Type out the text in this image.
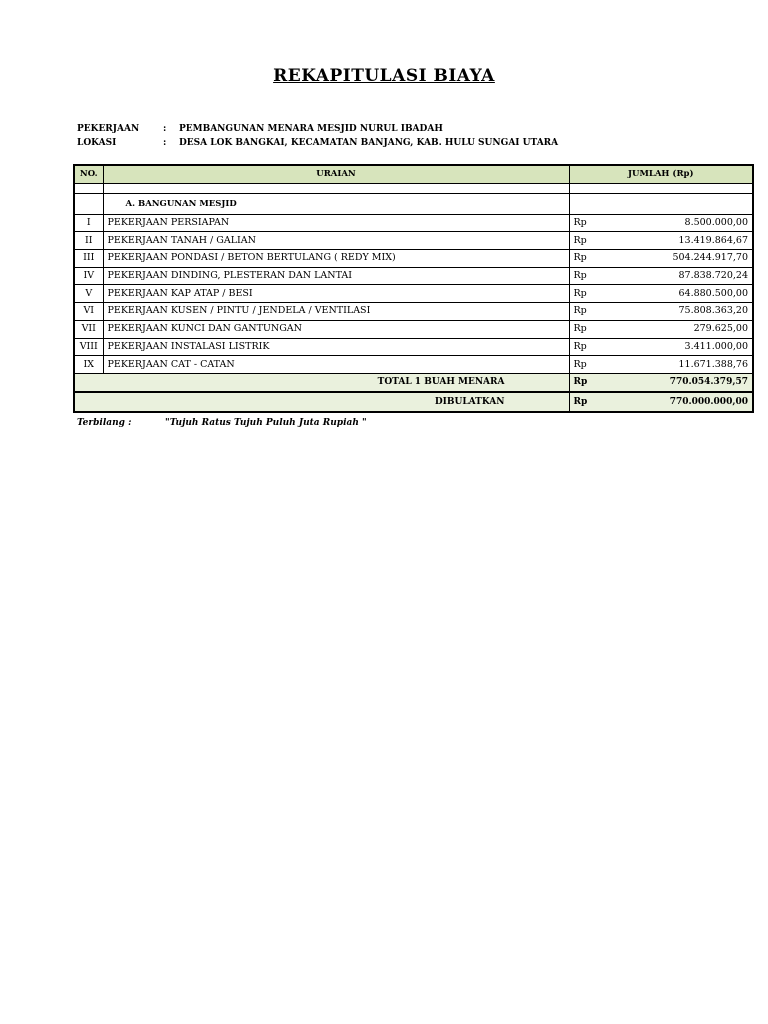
REKAPITULASI BIAYA
PEKERJAAN	: PEMBANGUNAN MENARA MESJID NURUL IBADAH
LOKASI	: DESA LOK BANGKAI, KECAMATAN BANJANG, KAB. HULU SUNGAI UTARA
NO.	URAIAN	JUMLAH (Rp)	

	A. BANGUNAN MESJID		
I	PEKERJAAN PERSIAPAN	Rp	8.500.000,00
II	PEKERJAAN TANAH / GALIAN	Rp	13.419.864,67
III	PEKERJAAN PONDASI / BETON BERTULANG ( REDY MIX)	Rp	504.244.917,70
IV	PEKERJAAN DINDING, PLESTERAN DAN LANTAI	Rp	87.838.720,24
V	PEKERJAAN KAP ATAP / BESI	Rp	64.880.500,00
VI	PEKERJAAN KUSEN / PINTU / JENDELA / VENTILASI	Rp	75.808.363,20
VII	PEKERJAAN KUNCI DAN GANTUNGAN	Rp	279.625,00
VIII	PEKERJAAN INSTALASI LISTRIK	Rp	3.411.000,00
IX	PEKERJAAN CAT - CATAN	Rp	11.671.388,76
TOTAL 1 BUAH MENARA		Rp	770.054.379,57
DIBULATKAN		Rp	770.000.000,00
Terbilang :	"Tujuh Ratus Tujuh Puluh Juta Rupiah "
